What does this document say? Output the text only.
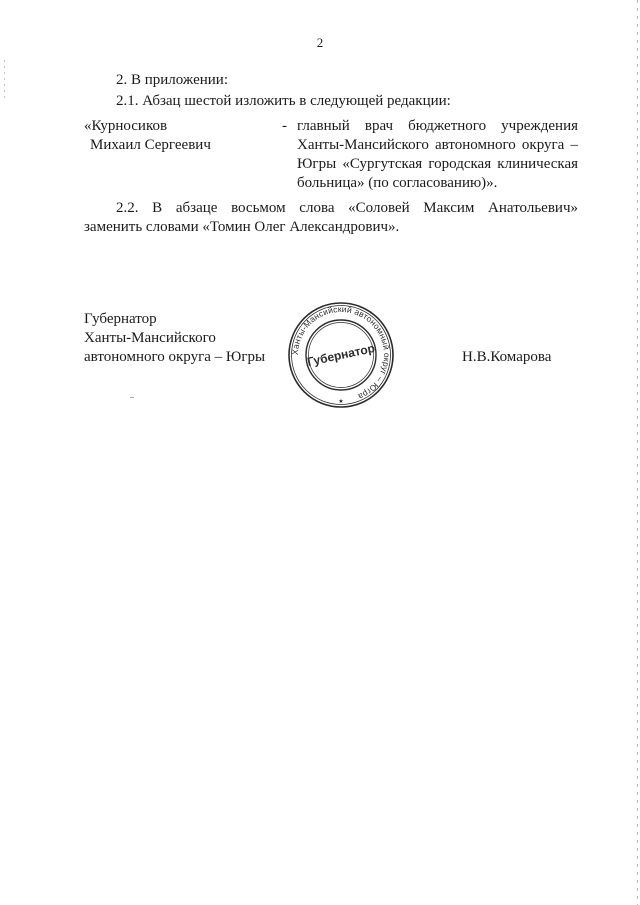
2
2. В приложении:
2.1. Абзац шестой изложить в следующей редакции:
«Курносиков
Михаил Сергеевич
- главный врач бюджетного учреждения
Ханты-Мансийского автономного округа –
Югры «Сургутская городская клиническая
больница» (по согласованию)».
2.2. В абзаце восьмом слова «Соловей Максим Анатольевич»
заменить словами «Томин Олег Александрович».
Губернатор
Ханты-Мансийского
автономного округа – Югры	Н.В.Комарова
Ханты-Мансийский автономный округ – Югра
Губернатор
★
